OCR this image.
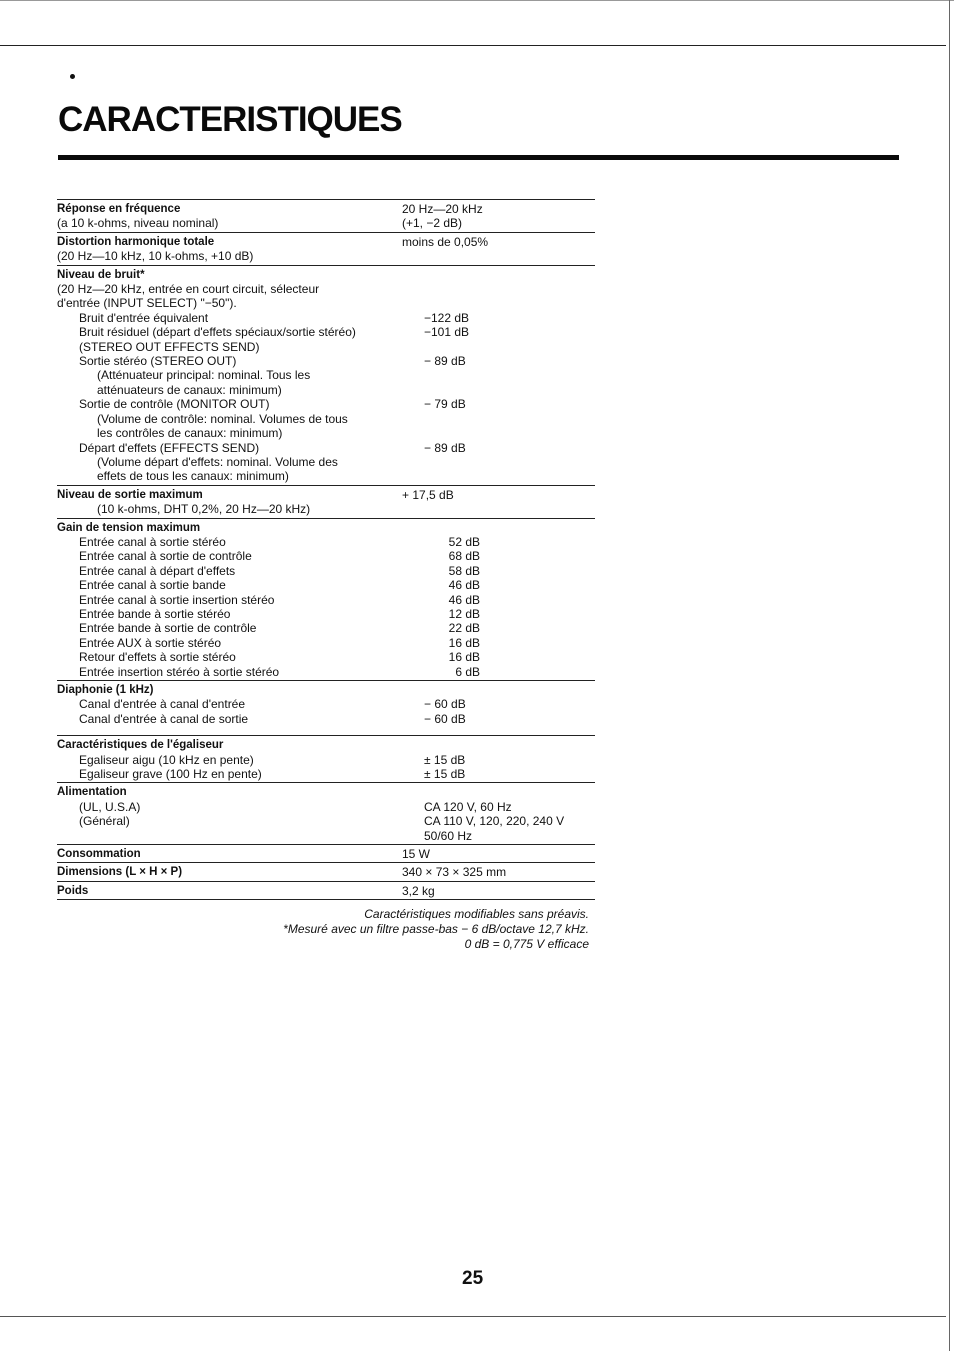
CARACTERISTIQUES
Réponse en fréquence	20 Hz—20 kHz
(a 10 k-ohms, niveau nominal)	(+1, −2 dB)
Distortion harmonique totale	moins de 0,05%
(20 Hz—10 kHz, 10 k-ohms, +10 dB)
Niveau de bruit*
(20 Hz—20 kHz, entrée en court circuit, sélecteur
d'entrée (INPUT SELECT) "−50").
Bruit d'entrée équivalent	−122 dB
Bruit résiduel (départ d'effets spéciaux/sortie stéréo)	−101 dB
(STEREO OUT EFFECTS SEND)
Sortie stéréo (STEREO OUT)	− 89 dB
(Atténuateur principal: nominal. Tous les
atténuateurs de canaux: minimum)
Sortie de contrôle (MONITOR OUT)	− 79 dB
(Volume de contrôle: nominal. Volumes de tous
les contrôles de canaux: minimum)
Départ d'effets (EFFECTS SEND)	− 89 dB
(Volume départ d'effets: nominal. Volume des
effets de tous les canaux: minimum)
Niveau de sortie maximum	+ 17,5 dB
(10 k-ohms, DHT 0,2%, 20 Hz—20 kHz)
Gain de tension maximum
Entrée canal à sortie stéréo	52 dB
Entrée canal à sortie de contrôle	68 dB
Entrée canal à départ d'effets	58 dB
Entrée canal à sortie bande	46 dB
Entrée canal à sortie insertion stéréo	46 dB
Entrée bande à sortie stéréo	12 dB
Entrée bande à sortie de contrôle	22 dB
Entrée AUX à sortie stéréo	16 dB
Retour d'effets à sortie stéréo	16 dB
Entrée insertion stéréo à sortie stéréo	6 dB
Diaphonie (1 kHz)
Canal d'entrée à canal d'entrée	− 60 dB
Canal d'entrée à canal de sortie	− 60 dB
Caractéristiques de l'égaliseur
Egaliseur aigu (10 kHz en pente)	± 15 dB
Egaliseur grave (100 Hz en pente)	± 15 dB
Alimentation
(UL, U.S.A)	CA 120 V, 60 Hz
(Général)	CA 110 V, 120, 220, 240 V
50/60 Hz
Consommation	15 W
Dimensions (L × H × P)	340 × 73 × 325 mm
Poids	3,2 kg
Caractéristiques modifiables sans préavis.
*Mesuré avec un filtre passe-bas − 6 dB/octave 12,7 kHz.
0 dB = 0,775 V efficace
25
